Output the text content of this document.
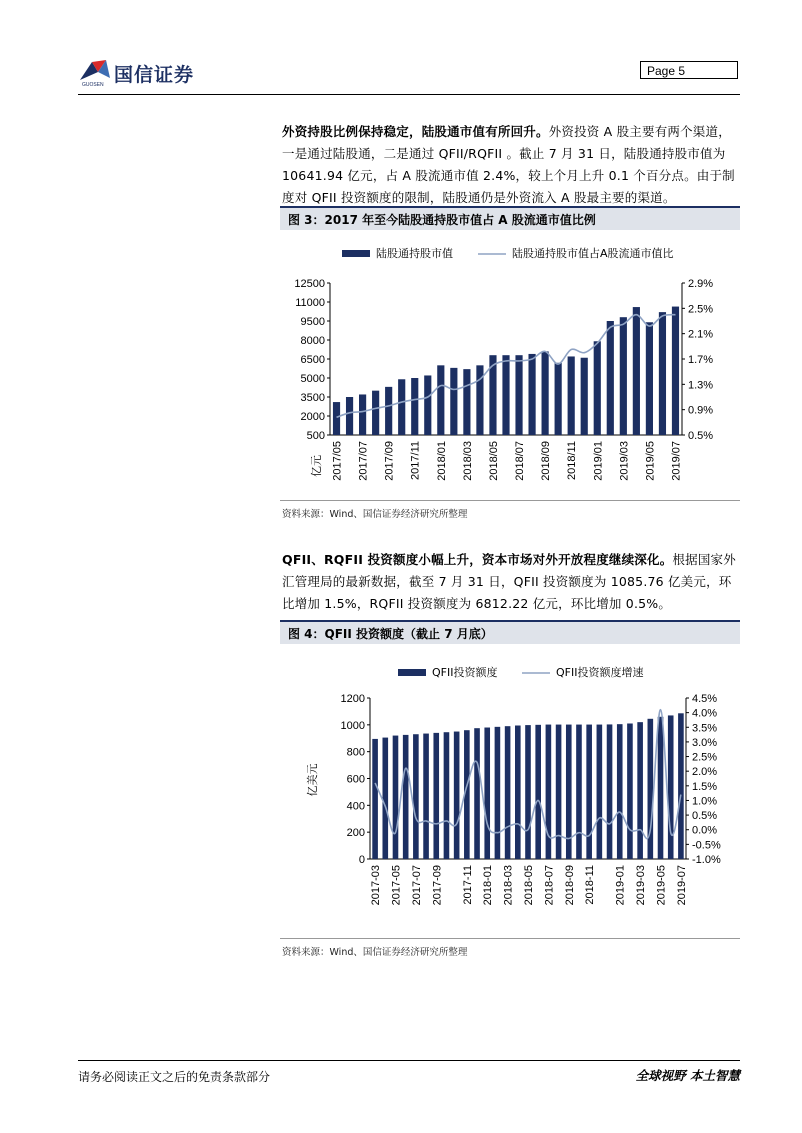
国信证券
GUOSEN
Page 5
外资持股比例保持稳定，陆股通市值有所回升。外资投资 A 股主要有两个渠道，一是通过陆股通，二是通过 QFII/RQFII 。截止 7 月 31 日，陆股通持股市值为 10641.94 亿元，占 A 股流通市值 2.4%，较上个月上升 0.1 个百分点。由于制度对 QFII 投资额度的限制，陆股通仍是外资流入 A 股最主要的渠道。
图 3：2017 年至今陆股通持股市值占 A 股流通市值比例
陆股通持股市值	陆股通持股市值占A股流通市值比
12500
11000
9500
8000
6500
5000
3500
2000
500
2.9%
2.5%
2.1%
1.7%
1.3%
0.9%
0.5%
亿元 2017/05 2017/07 2017/09 2017/11 2018/01 2018/03 2018/05 2018/07 2018/09 2018/11 2019/01 2019/03 2019/05 2019/07
资料来源：Wind、国信证券经济研究所整理
QFII、RQFII 投资额度小幅上升，资本市场对外开放程度继续深化。根据国家外汇管理局的最新数据，截至 7 月 31 日，QFII 投资额度为 1085.76 亿美元，环比增加 1.5%，RQFII 投资额度为 6812.22 亿元，环比增加 0.5%。
图 4：QFII 投资额度（截止 7 月底）
QFII投资额度	QFII投资额度增速
1200
1000
800
600
400
200
0
4.5%
4.0%
3.5%
3.0%
2.5%
2.0%
1.5%
1.0%
0.5%
0.0%
-0.5%
-1.0%
亿美元
2017-03 2017-05 2017-07 2017-09 2017-11 2018-01 2018-03 2018-05 2018-07 2018-09 2018-11 2019-01 2019-03 2019-05 2019-07
资料来源：Wind、国信证券经济研究所整理
请务必阅读正文之后的免责条款部分	全球视野 本土智慧
